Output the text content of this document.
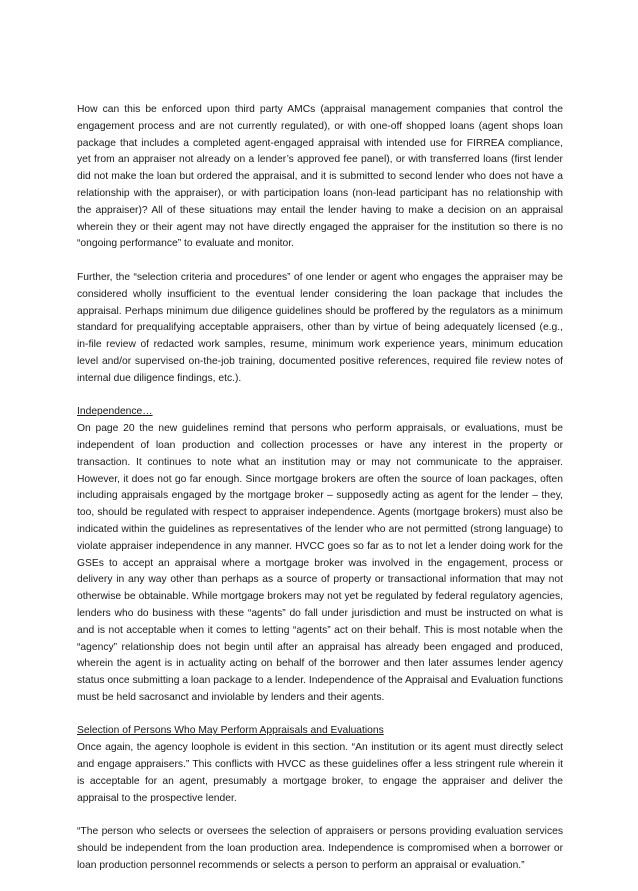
How can this be enforced upon third party AMCs (appraisal management companies that control the engagement process and are not currently regulated), or with one-off shopped loans (agent shops loan package that includes a completed agent-engaged appraisal with intended use for FIRREA compliance, yet from an appraiser not already on a lender’s approved fee panel), or with transferred loans (first lender did not make the loan but ordered the appraisal, and it is submitted to second lender who does not have a relationship with the appraiser), or with participation loans (non-lead participant has no relationship with the appraiser)? All of these situations may entail the lender having to make a decision on an appraisal wherein they or their agent may not have directly engaged the appraiser for the institution so there is no “ongoing performance” to evaluate and monitor.

Further, the “selection criteria and procedures” of one lender or agent who engages the appraiser may be considered wholly insufficient to the eventual lender considering the loan package that includes the appraisal. Perhaps minimum due diligence guidelines should be proffered by the regulators as a minimum standard for prequalifying acceptable appraisers, other than by virtue of being adequately licensed (e.g., in-file review of redacted work samples, resume, minimum work experience years, minimum education level and/or supervised on-the-job training, documented positive references, required file review notes of internal due diligence findings, etc.).

Independence…

On page 20 the new guidelines remind that persons who perform appraisals, or evaluations, must be independent of loan production and collection processes or have any interest in the property or transaction. It continues to note what an institution may or may not communicate to the appraiser. However, it does not go far enough. Since mortgage brokers are often the source of loan packages, often including appraisals engaged by the mortgage broker – supposedly acting as agent for the lender – they, too, should be regulated with respect to appraiser independence. Agents (mortgage brokers) must also be indicated within the guidelines as representatives of the lender who are not permitted (strong language) to violate appraiser independence in any manner. HVCC goes so far as to not let a lender doing work for the GSEs to accept an appraisal where a mortgage broker was involved in the engagement, process or delivery in any way other than perhaps as a source of property or transactional information that may not otherwise be obtainable. While mortgage brokers may not yet be regulated by federal regulatory agencies, lenders who do business with these “agents” do fall under jurisdiction and must be instructed on what is and is not acceptable when it comes to letting “agents” act on their behalf. This is most notable when the “agency” relationship does not begin until after an appraisal has already been engaged and produced, wherein the agent is in actuality acting on behalf of the borrower and then later assumes lender agency status once submitting a loan package to a lender. Independence of the Appraisal and Evaluation functions must be held sacrosanct and inviolable by lenders and their agents.

Selection of Persons Who May Perform Appraisals and Evaluations

Once again, the agency loophole is evident in this section. “An institution or its agent must directly select and engage appraisers.” This conflicts with HVCC as these guidelines offer a less stringent rule wherein it is acceptable for an agent, presumably a mortgage broker, to engage the appraiser and deliver the appraisal to the prospective lender.

“The person who selects or oversees the selection of appraisers or persons providing evaluation services should be independent from the loan production area. Independence is compromised when a borrower or loan production personnel recommends or selects a person to perform an appraisal or evaluation.”
